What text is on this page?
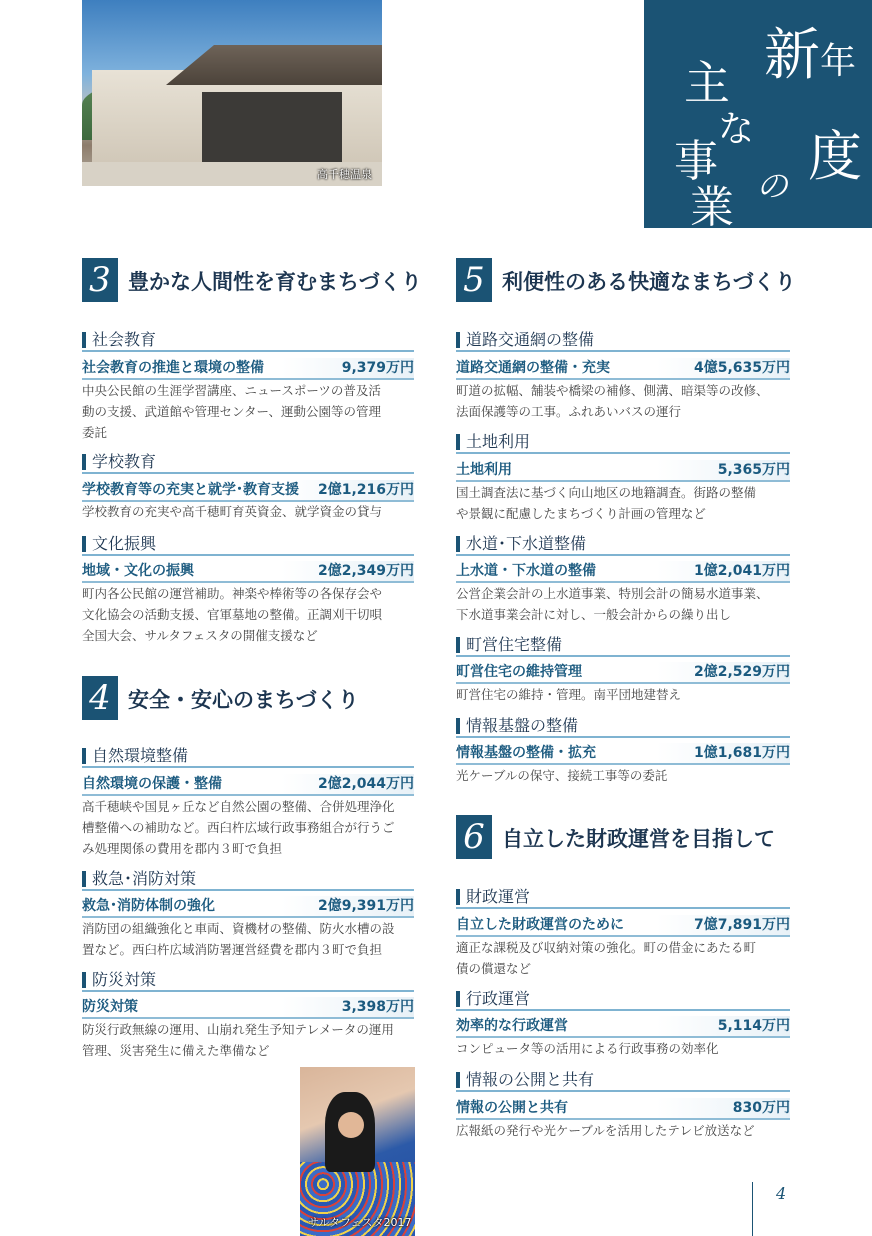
高千穂温泉
新 年
度
の
主
な
事
業
3 豊かな人間性を育むまちづくり
社会教育
社会教育の推進と環境の整備	9,379万円
中央公民館の生涯学習講座、ニュースポーツの普及活
動の支援、武道館や管理センター、運動公園等の管理
委託
学校教育
学校教育等の充実と就学･教育支援 2億1,216万円
学校教育の充実や高千穂町育英資金、就学資金の貸与
文化振興
地域・文化の振興	2億2,349万円
町内各公民館の運営補助。神楽や棒術等の各保存会や
文化協会の活動支援、官軍墓地の整備。正調刈干切唄
全国大会、サルタフェスタの開催支援など
4 安全・安心のまちづくり
自然環境整備
自然環境の保護・整備	2億2,044万円
高千穂峡や国見ヶ丘など自然公園の整備、合併処理浄化
槽整備への補助など。西臼杵広域行政事務組合が行うご
み処理関係の費用を郡内３町で負担
救急･消防対策
救急･消防体制の強化	2億9,391万円
消防団の組織強化と車両、資機材の整備、防火水槽の設
置など。西臼杵広域消防署運営経費を郡内３町で負担
防災対策
防災対策	3,398万円
防災行政無線の運用、山崩れ発生予知テレメータの運用
管理、災害発生に備えた準備など
サルタフェスタ2017
5 利便性のある快適なまちづくり
道路交通網の整備
道路交通網の整備・充実	4億5,635万円
町道の拡幅、舗装や橋梁の補修、側溝、暗渠等の改修、
法面保護等の工事。ふれあいバスの運行
土地利用
土地利用	5,365万円
国土調査法に基づく向山地区の地籍調査。街路の整備
や景観に配慮したまちづくり計画の管理など
水道･下水道整備
上水道・下水道の整備	1億2,041万円
公営企業会計の上水道事業、特別会計の簡易水道事業、
下水道事業会計に対し、一般会計からの繰り出し
町営住宅整備
町営住宅の維持管理	2億2,529万円
町営住宅の維持・管理。南平団地建替え
情報基盤の整備
情報基盤の整備・拡充	1億1,681万円
光ケーブルの保守、接続工事等の委託
6 自立した財政運営を目指して
財政運営
自立した財政運営のために	7億7,891万円
適正な課税及び収納対策の強化。町の借金にあたる町
債の償還など
行政運営
効率的な行政運営	5,114万円
コンピュータ等の活用による行政事務の効率化
情報の公開と共有
情報の公開と共有	830万円
広報紙の発行や光ケーブルを活用したテレビ放送など
4
